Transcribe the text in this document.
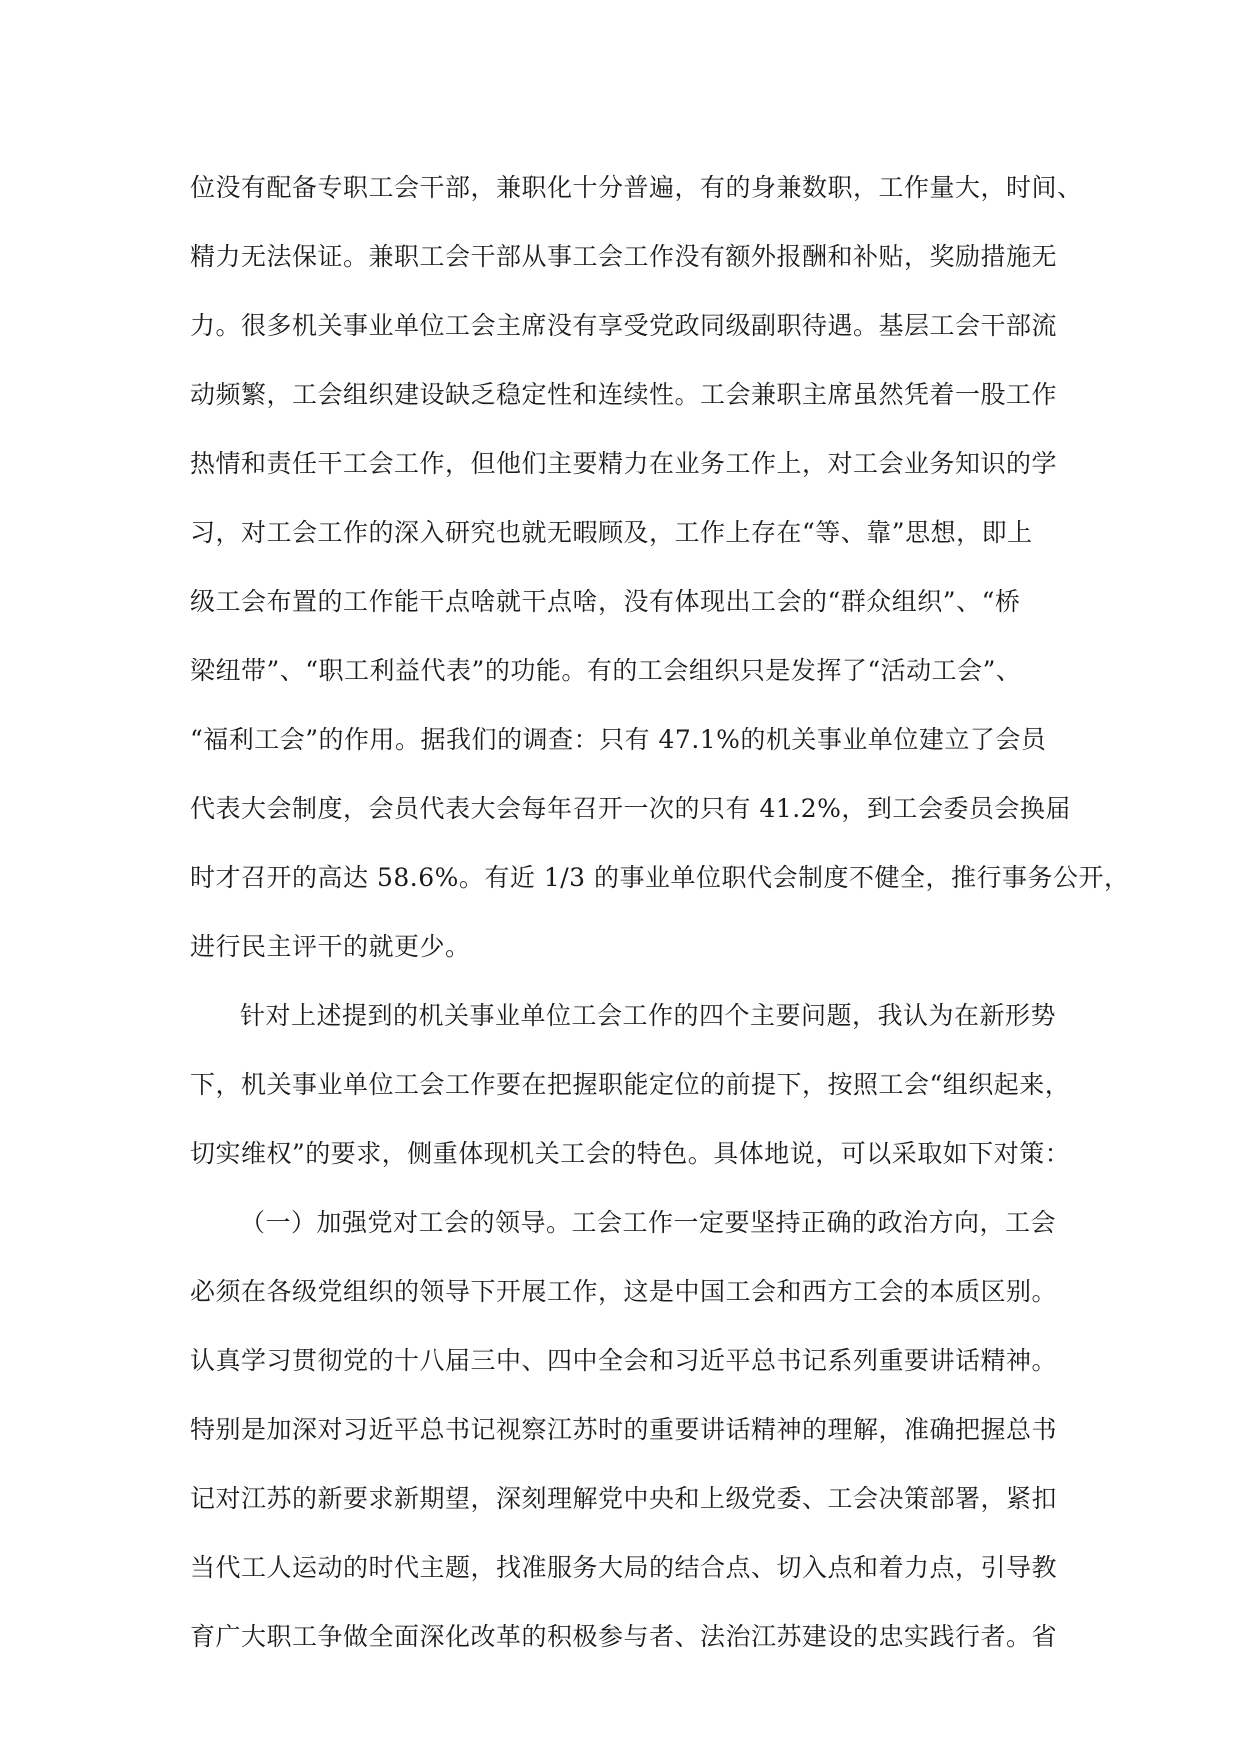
位没有配备专职工会干部，兼职化十分普遍，有的身兼数职，工作量大，时间、
精力无法保证。兼职工会干部从事工会工作没有额外报酬和补贴，奖励措施无
力。很多机关事业单位工会主席没有享受党政同级副职待遇。基层工会干部流
动频繁，工会组织建设缺乏稳定性和连续性。工会兼职主席虽然凭着一股工作
热情和责任干工会工作，但他们主要精力在业务工作上，对工会业务知识的学
习，对工会工作的深入研究也就无暇顾及，工作上存在“等、靠”思想，即上
级工会布置的工作能干点啥就干点啥，没有体现出工会的“群众组织”、“桥
梁纽带”、“职工利益代表”的功能。有的工会组织只是发挥了“活动工会”、
“福利工会”的作用。据我们的调查：只有 47.1%的机关事业单位建立了会员
代表大会制度，会员代表大会每年召开一次的只有 41.2%，到工会委员会换届
时才召开的高达 58.6%。有近 1/3 的事业单位职代会制度不健全，推行事务公开，
进行民主评干的就更少。
针对上述提到的机关事业单位工会工作的四个主要问题，我认为在新形势
下，机关事业单位工会工作要在把握职能定位的前提下，按照工会“组织起来，
切实维权”的要求，侧重体现机关工会的特色。具体地说，可以采取如下对策：
（一）加强党对工会的领导。工会工作一定要坚持正确的政治方向，工会
必须在各级党组织的领导下开展工作，这是中国工会和西方工会的本质区别。
认真学习贯彻党的十八届三中、四中全会和习近平总书记系列重要讲话精神。
特别是加深对习近平总书记视察江苏时的重要讲话精神的理解，准确把握总书
记对江苏的新要求新期望，深刻理解党中央和上级党委、工会决策部署，紧扣
当代工人运动的时代主题，找准服务大局的结合点、切入点和着力点，引导教
育广大职工争做全面深化改革的积极参与者、法治江苏建设的忠实践行者。省
